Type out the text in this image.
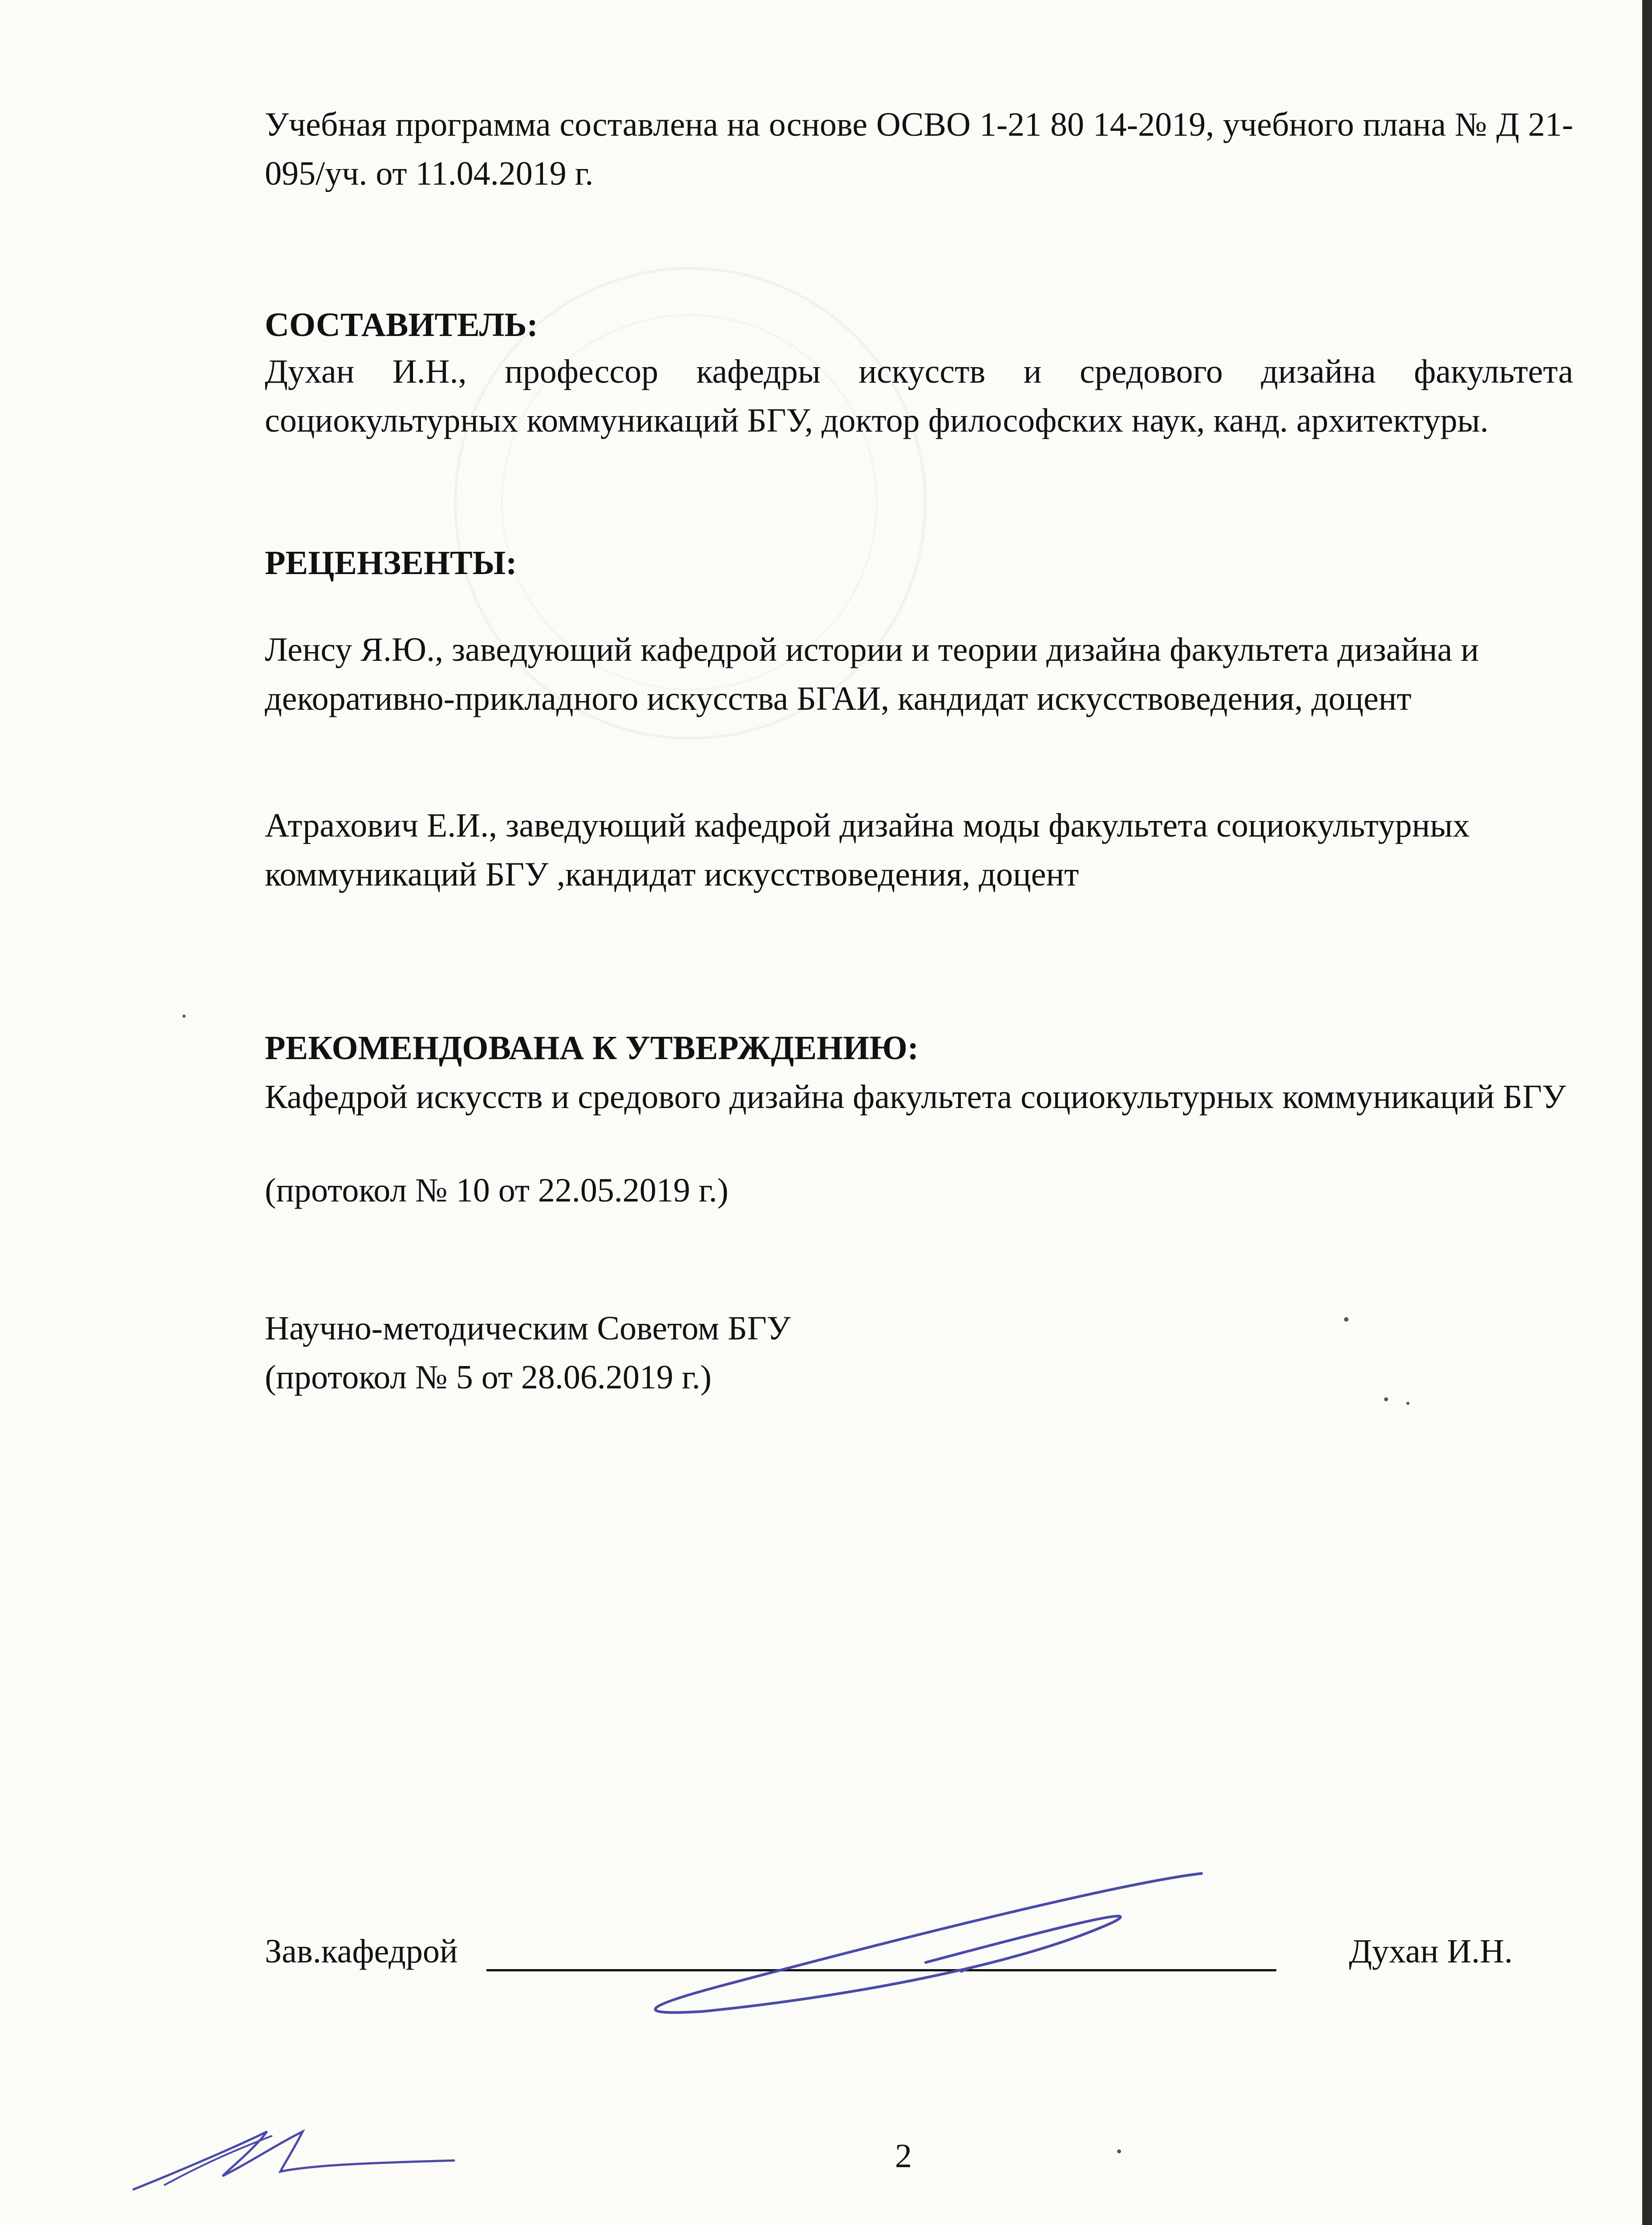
Учебная программа составлена на основе ОСВО 1-21 80 14-2019, учебного плана № Д 21-095/уч. от 11.04.2019 г.

СОСТАВИТЕЛЬ:

Духан И.Н., профессор кафедры искусств и средового дизайна факультета социокультурных коммуникаций БГУ, доктор философских наук, канд. архитектуры.

РЕЦЕНЗЕНТЫ:

Ленсу Я.Ю., заведующий кафедрой истории и теории дизайна факультета дизайна и декоративно-прикладного искусства БГАИ, кандидат искусствоведения, доцент

Атрахович Е.И., заведующий кафедрой дизайна моды факультета социокультурных коммуникаций БГУ ,кандидат искусствоведения, доцент

РЕКОМЕНДОВАНА К УТВЕРЖДЕНИЮ:

Кафедрой искусств и средового дизайна факультета социокультурных коммуникаций БГУ

(протокол № 10 от 22.05.2019 г.)

Научно-методическим Советом БГУ

(протокол № 5 от 28.06.2019 г.)

Зав.кафедрой	Духан И.Н.
2
